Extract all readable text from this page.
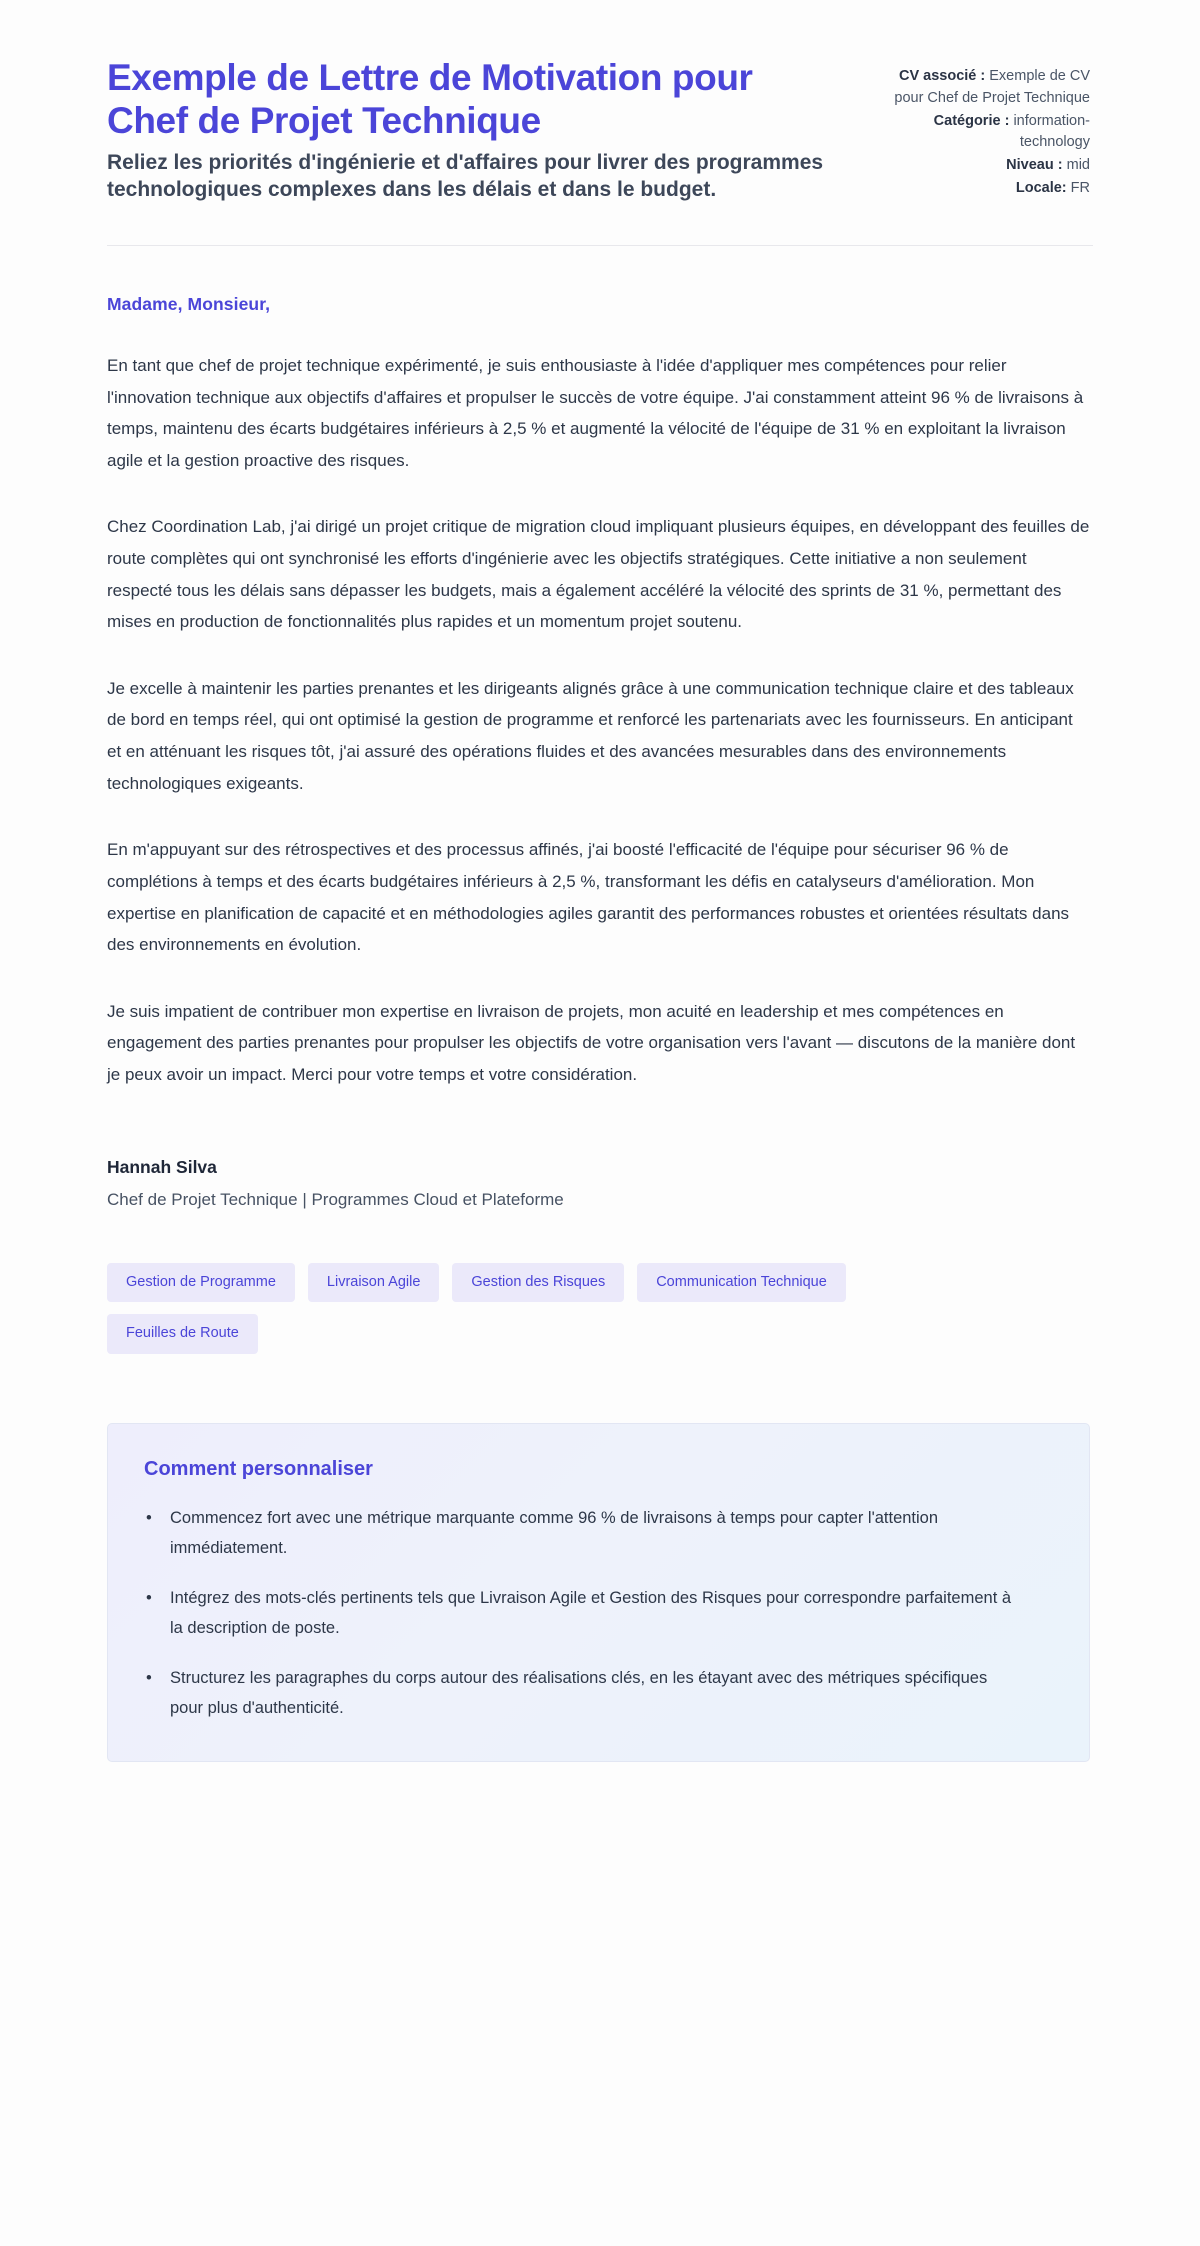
Exemple de Lettre de Motivation pour Chef de Projet Technique

Reliez les priorités d'ingénierie et d'affaires pour livrer des programmes technologiques complexes dans les délais et dans le budget.

CV associé : Exemple de CV pour Chef de Projet Technique

Catégorie : information-technology

Niveau : mid

Locale: FR

Madame, Monsieur,

En tant que chef de projet technique expérimenté, je suis enthousiaste à l'idée d'appliquer mes compétences pour relier l'innovation technique aux objectifs d'affaires et propulser le succès de votre équipe. J'ai constamment atteint 96 % de livraisons à temps, maintenu des écarts budgétaires inférieurs à 2,5 % et augmenté la vélocité de l'équipe de 31 % en exploitant la livraison agile et la gestion proactive des risques.

Chez Coordination Lab, j'ai dirigé un projet critique de migration cloud impliquant plusieurs équipes, en développant des feuilles de route complètes qui ont synchronisé les efforts d'ingénierie avec les objectifs stratégiques. Cette initiative a non seulement respecté tous les délais sans dépasser les budgets, mais a également accéléré la vélocité des sprints de 31 %, permettant des mises en production de fonctionnalités plus rapides et un momentum projet soutenu.

Je excelle à maintenir les parties prenantes et les dirigeants alignés grâce à une communication technique claire et des tableaux de bord en temps réel, qui ont optimisé la gestion de programme et renforcé les partenariats avec les fournisseurs. En anticipant et en atténuant les risques tôt, j'ai assuré des opérations fluides et des avancées mesurables dans des environnements technologiques exigeants.

En m'appuyant sur des rétrospectives et des processus affinés, j'ai boosté l'efficacité de l'équipe pour sécuriser 96 % de complétions à temps et des écarts budgétaires inférieurs à 2,5 %, transformant les défis en catalyseurs d'amélioration. Mon expertise en planification de capacité et en méthodologies agiles garantit des performances robustes et orientées résultats dans des environnements en évolution.

Je suis impatient de contribuer mon expertise en livraison de projets, mon acuité en leadership et mes compétences en engagement des parties prenantes pour propulser les objectifs de votre organisation vers l'avant — discutons de la manière dont je peux avoir un impact. Merci pour votre temps et votre considération.

Hannah Silva

Chef de Projet Technique | Programmes Cloud et Plateforme

Gestion de Programme	Livraison Agile	Gestion des Risques	Communication Technique
Feuilles de Route
Comment personnaliser
• Commencez fort avec une métrique marquante comme 96 % de livraisons à temps pour capter l'attention immédiatement.
• Intégrez des mots-clés pertinents tels que Livraison Agile et Gestion des Risques pour correspondre parfaitement à la description de poste.
• Structurez les paragraphes du corps autour des réalisations clés, en les étayant avec des métriques spécifiques pour plus d'authenticité.
